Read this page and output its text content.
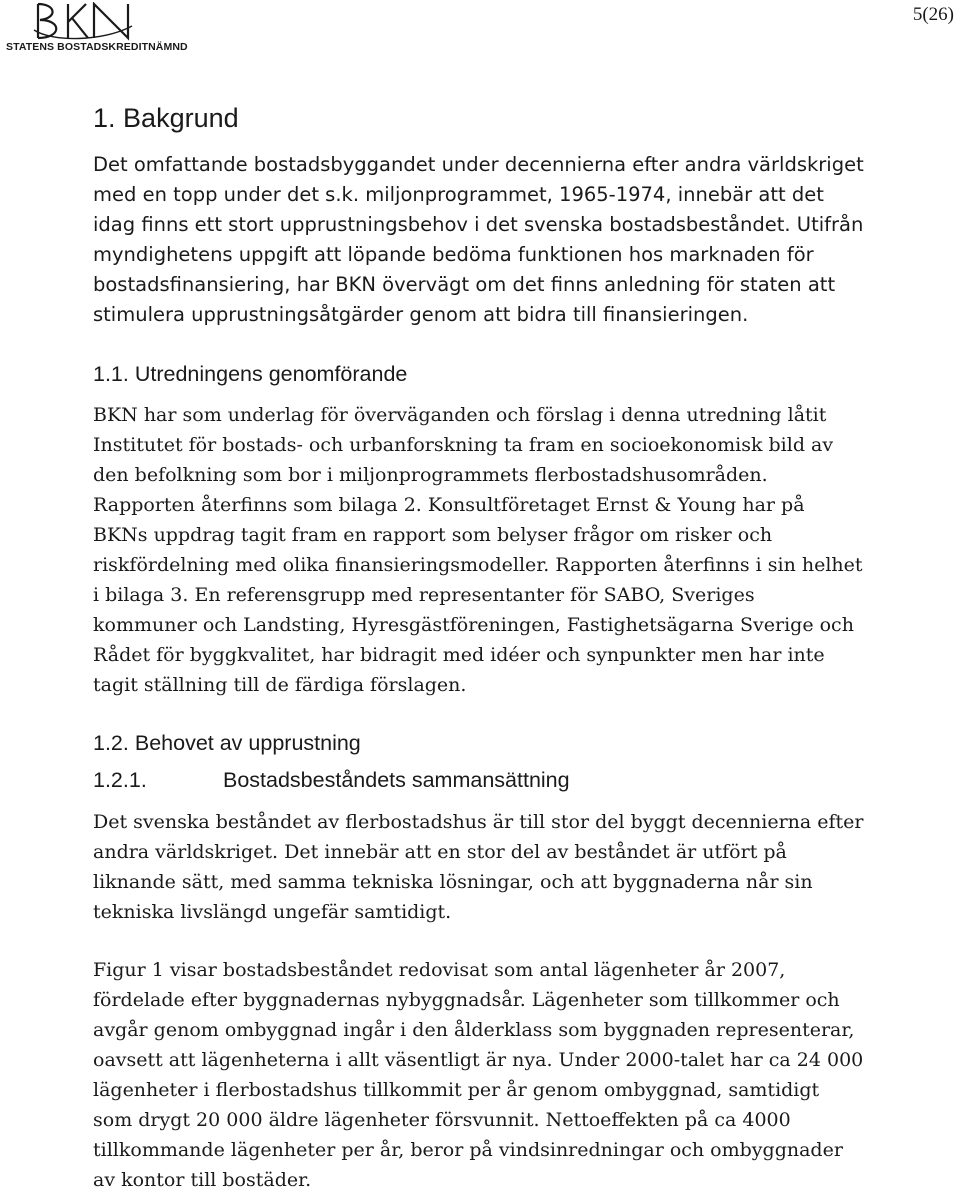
STATENS BOSTADSKREDITNÄMND
5(26)
1. Bakgrund
Det omfattande bostadsbyggandet under decennierna efter andra världskriget
med en topp under det s.k. miljonprogrammet, 1965-1974, innebär att det
idag finns ett stort upprustningsbehov i det svenska bostadsbeståndet. Utifrån
myndighetens uppgift att löpande bedöma funktionen hos marknaden för
bostadsfinansiering, har BKN övervägt om det finns anledning för staten att
stimulera upprustningsåtgärder genom att bidra till finansieringen.
1.1. Utredningens genomförande
BKN har som underlag för överväganden och förslag i denna utredning låtit
Institutet för bostads- och urbanforskning ta fram en socioekonomisk bild av
den befolkning som bor i miljonprogrammets flerbostadshusområden.
Rapporten återfinns som bilaga 2. Konsultföretaget Ernst & Young har på
BKNs uppdrag tagit fram en rapport som belyser frågor om risker och
riskfördelning med olika finansieringsmodeller. Rapporten återfinns i sin helhet
i bilaga 3. En referensgrupp med representanter för SABO, Sveriges
kommuner och Landsting, Hyresgästföreningen, Fastighetsägarna Sverige och
Rådet för byggkvalitet, har bidragit med idéer och synpunkter men har inte
tagit ställning till de färdiga förslagen.
1.2. Behovet av upprustning
1.2.1.	Bostadsbeståndets sammansättning
Det svenska beståndet av flerbostadshus är till stor del byggt decennierna efter
andra världskriget. Det innebär att en stor del av beståndet är utfört på
liknande sätt, med samma tekniska lösningar, och att byggnaderna når sin
tekniska livslängd ungefär samtidigt.
Figur 1 visar bostadsbeståndet redovisat som antal lägenheter år 2007,
fördelade efter byggnadernas nybyggnadsår. Lägenheter som tillkommer och
avgår genom ombyggnad ingår i den ålderklass som byggnaden representerar,
oavsett att lägenheterna i allt väsentligt är nya. Under 2000-talet har ca 24 000
lägenheter i flerbostadshus tillkommit per år genom ombyggnad, samtidigt
som drygt 20 000 äldre lägenheter försvunnit. Nettoeffekten på ca 4000
tillkommande lägenheter per år, beror på vindsinredningar och ombyggnader
av kontor till bostäder.
